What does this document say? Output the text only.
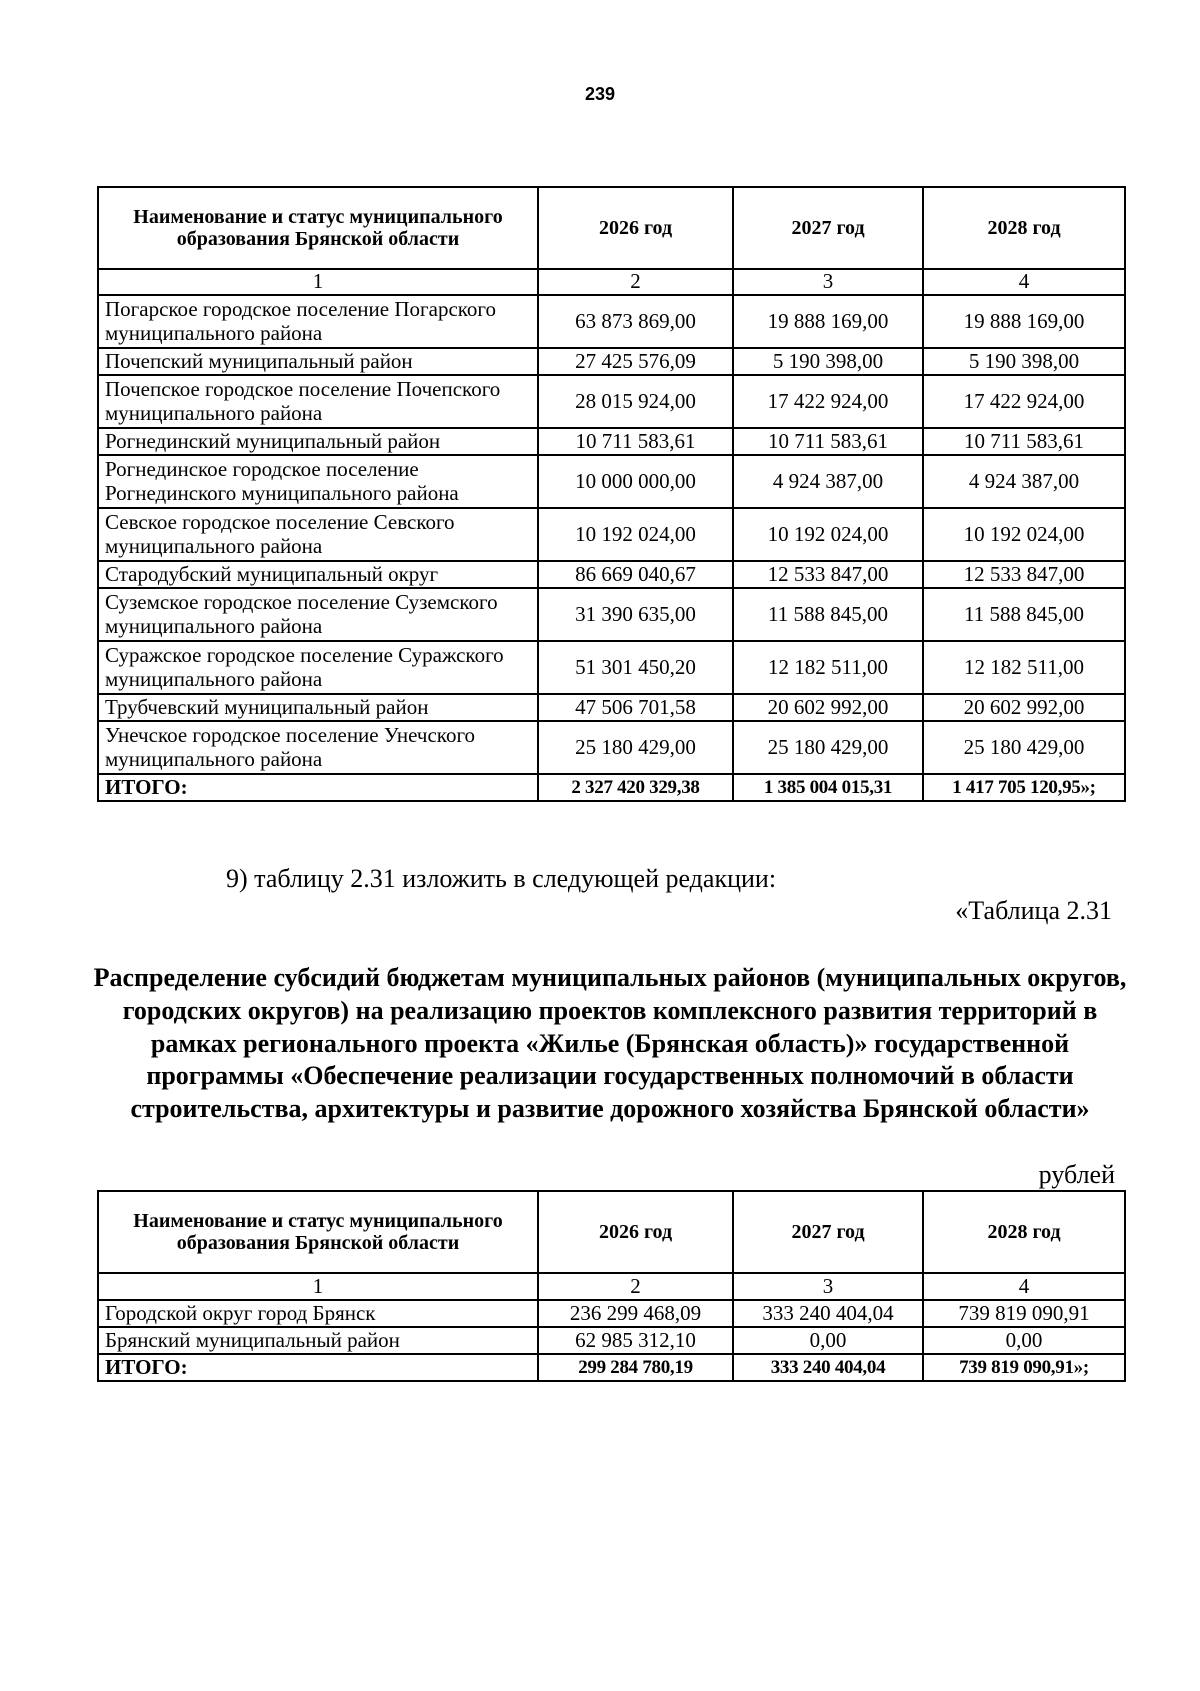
239
Наименование и статус муниципального образования Брянской области	2026 год	2027 год	2028 год
1	2	3	4
Погарское городское поселение Погарского муниципального района	63 873 869,00	19 888 169,00	19 888 169,00
Почепский муниципальный район	27 425 576,09	5 190 398,00	5 190 398,00
Почепское городское поселение Почепского муниципального района	28 015 924,00	17 422 924,00	17 422 924,00
Рогнединский муниципальный район	10 711 583,61	10 711 583,61	10 711 583,61
Рогнединское городское поселение Рогнединского муниципального района	10 000 000,00	4 924 387,00	4 924 387,00
Севское городское поселение Севского муниципального района	10 192 024,00	10 192 024,00	10 192 024,00
Стародубский муниципальный округ	86 669 040,67	12 533 847,00	12 533 847,00
Суземское городское поселение Суземского муниципального района	31 390 635,00	11 588 845,00	11 588 845,00
Суражское городское поселение Суражского муниципального района	51 301 450,20	12 182 511,00	12 182 511,00
Трубчевский муниципальный район	47 506 701,58	20 602 992,00	20 602 992,00
Унечское городское поселение Унечского муниципального района	25 180 429,00	25 180 429,00	25 180 429,00
ИТОГО:	2 327 420 329,38	1 385 004 015,31	1 417 705 120,95»;
9) таблицу 2.31 изложить в следующей редакции:
«Таблица 2.31
Распределение субсидий бюджетам муниципальных районов (муниципальных округов, городских округов) на реализацию проектов комплексного развития территорий в рамках регионального проекта «Жилье (Брянская область)» государственной программы «Обеспечение реализации государственных полномочий в области строительства, архитектуры и развитие дорожного хозяйства Брянской области»
рублей
Наименование и статус муниципального образования Брянской области	2026 год	2027 год	2028 год
1	2	3	4
Городской округ город Брянск	236 299 468,09	333 240 404,04	739 819 090,91
Брянский муниципальный район	62 985 312,10	0,00	0,00
ИТОГО:	299 284 780,19	333 240 404,04	739 819 090,91»;
